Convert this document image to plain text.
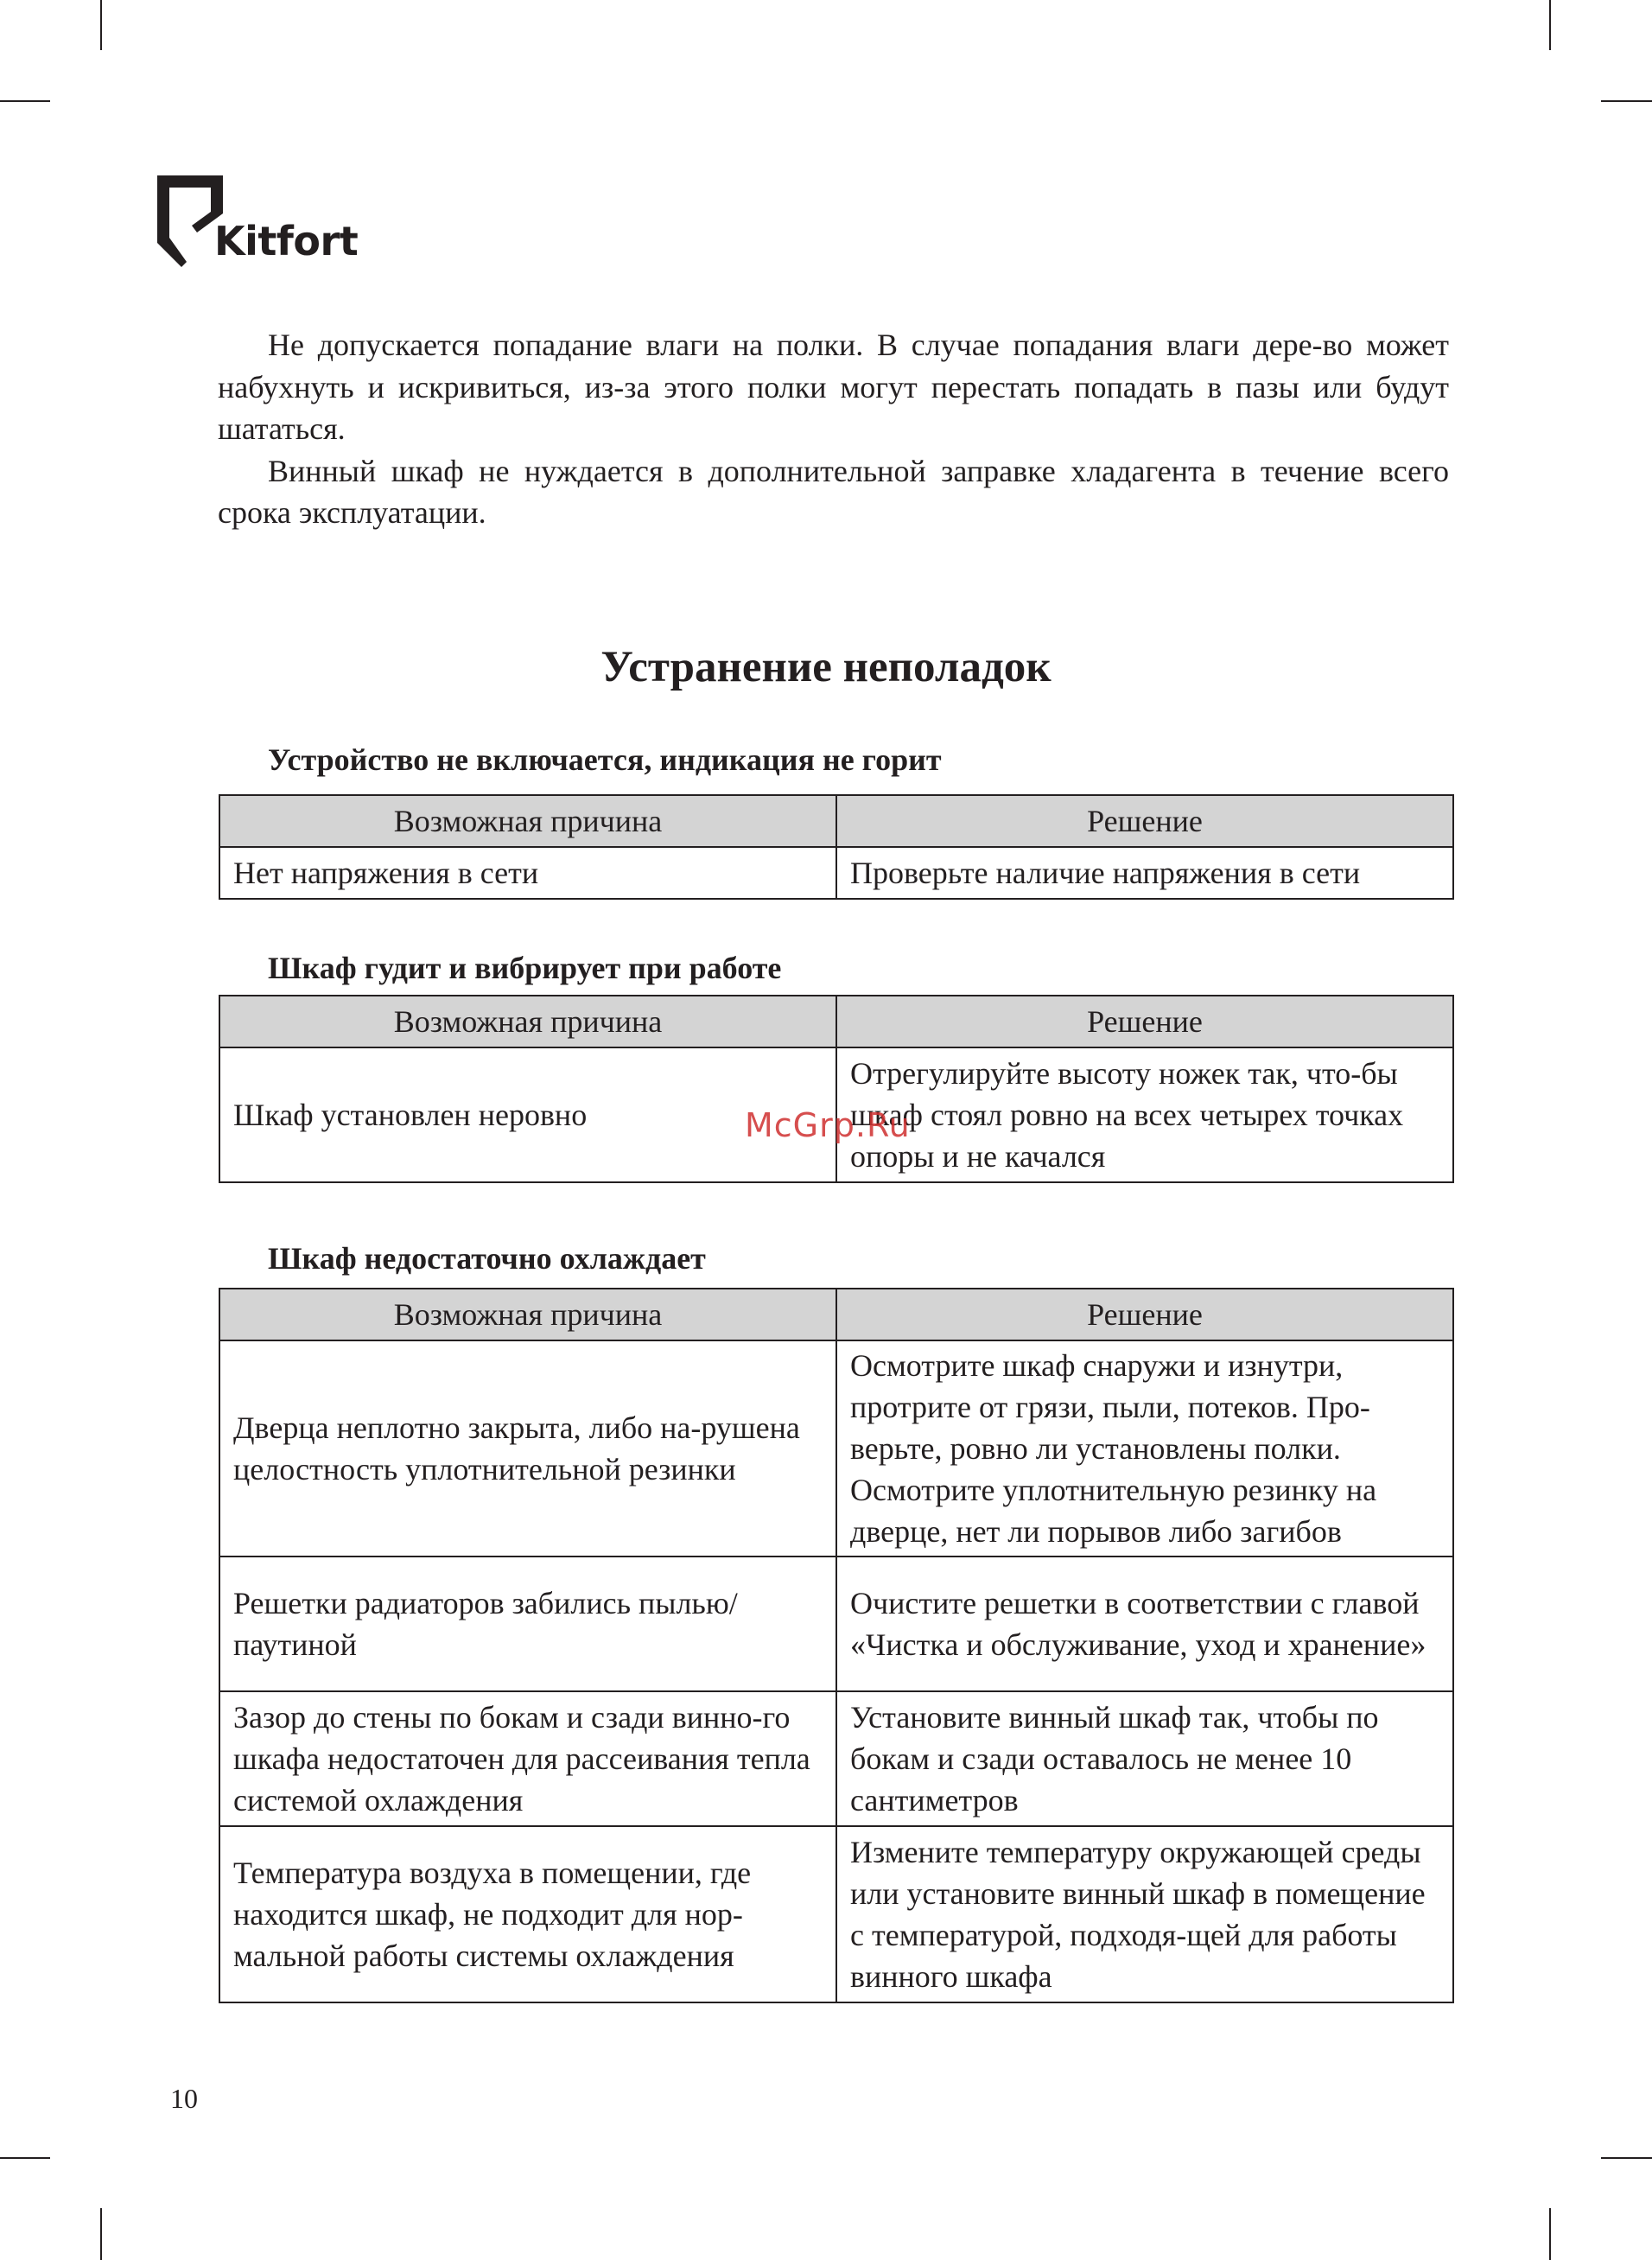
Kitfort

Не допускается попадание влаги на полки. В случае попадания влаги дере-во может набухнуть и искривиться, из-за этого полки могут перестать попадать в пазы или будут шататься.

Винный шкаф не нуждается в дополнительной заправке хладагента в течение всего срока эксплуатации.

Устранение неполадок
Устройство не включается, индикация не горит
Возможная причина	Решение
Нет напряжения в сети	Проверьте наличие напряжения в сети
Шкаф гудит и вибрирует при работе
Возможная причина	Решение
Шкаф установлен неровно	Отрегулируйте высоту ножек так, что-бы шкаф стоял ровно на всех четырех точках опоры и не качался
McGrp.Ru
Шкаф недостаточно охлаждает
Возможная причина	Решение
Дверца неплотно закрыта, либо на-рушена целостность уплотнительной резинки	Осмотрите шкаф снаружи и изнутри, протрите от грязи, пыли, потеков. Про-верьте, ровно ли установлены полки. Осмотрите уплотнительную резинку на дверце, нет ли порывов либо загибов
Решетки радиаторов забились пылью/паутиной	Очистите решетки в соответствии с главой «Чистка и обслуживание, уход и хранение»
Зазор до стены по бокам и сзади винно-го шкафа недостаточен для рассеивания тепла системой охлаждения	Установите винный шкаф так, чтобы по бокам и сзади оставалось не менее 10 сантиметров
Температура воздуха в помещении, где находится шкаф, не подходит для нор-мальной работы системы охлаждения	Измените температуру окружающей среды или установите винный шкаф в помещение с температурой, подходя-щей для работы винного шкафа
10
